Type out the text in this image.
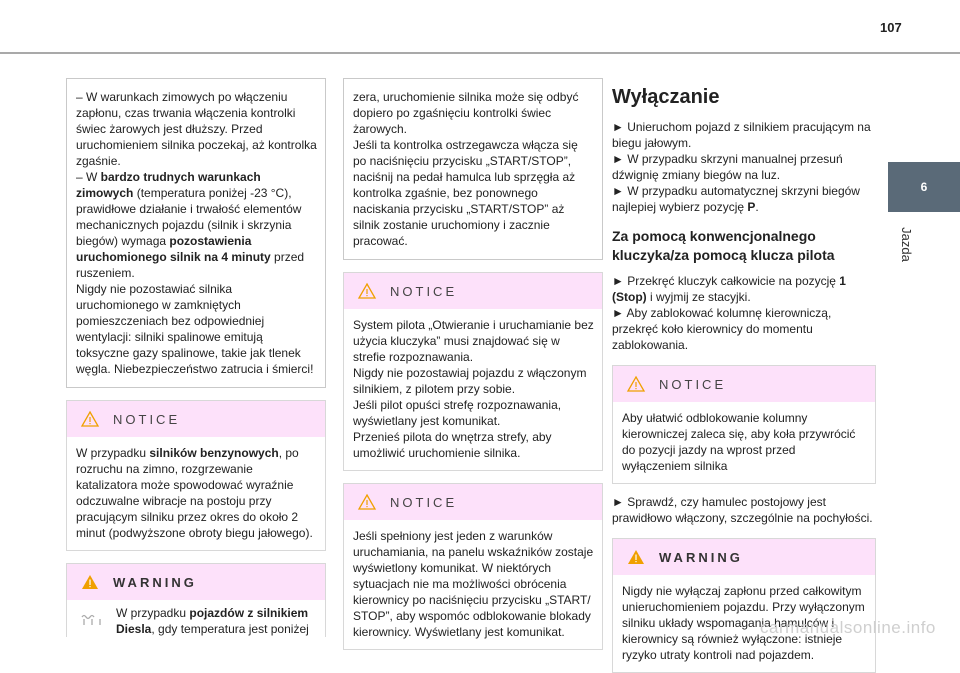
107
6
Jazda

– W warunkach zimowych po włączeniu zapłonu, czas trwania włączenia kontrolki świec żarowych jest dłuższy. Przed uruchomieniem silnika poczekaj, aż kontrolka zgaśnie.

– W bardzo trudnych warunkach zimowych (temperatura poniżej -23 °C), prawidłowe działanie i trwałość elementów mechanicznych pojazdu (silnik i skrzynia biegów) wymaga pozostawienia uruchomionego silnik na 4 minuty przed ruszeniem.

Nigdy nie pozostawiać silnika uruchomionego w zamkniętych pomieszczeniach bez odpowiedniej wentylacji: silniki spalinowe emitują toksyczne gazy spalinowe, takie jak tlenek węgla. Niebezpieczeństwo zatrucia i śmierci!

NOTICE

W przypadku silników benzynowych, po rozruchu na zimno, rozgrzewanie katalizatora może spowodować wyraźnie odczuwalne wibracje na postoju przy pracującym silniku przez okres do około 2 minut (podwyższone obroty biegu jałowego).

WARNING

W przypadku pojazdów z silnikiem Diesla, gdy temperatura jest poniżej

zera, uruchomienie silnika może się odbyć dopiero po zgaśnięciu kontrolki świec żarowych.

Jeśli ta kontrolka ostrzegawcza włącza się po naciśnięciu przycisku „START/STOP”, naciśnij na pedał hamulca lub sprzęgła aż kontrolka zgaśnie, bez ponownego naciskania przycisku „START/STOP” aż silnik zostanie uruchomiony i zacznie pracować.

NOTICE

System pilota „Otwieranie i uruchamianie bez użycia kluczyka” musi znajdować się w strefie rozpoznawania.

Nigdy nie pozostawiaj pojazdu z włączonym silnikiem, z pilotem przy sobie.

Jeśli pilot opuści strefę rozpoznawania, wyświetlany jest komunikat.

Przenieś pilota do wnętrza strefy, aby umożliwić uruchomienie silnika.

NOTICE

Jeśli spełniony jest jeden z warunków uruchamiania, na panelu wskaźników zostaje wyświetlony komunikat. W niektórych sytuacjach nie ma możliwości obrócenia kierownicy po naciśnięciu przycisku „START/ STOP”, aby wspomóc odblokowanie blokady kierownicy. Wyświetlany jest komunikat.

Wyłączanie

► Unieruchom pojazd z silnikiem pracującym na biegu jałowym.

► W przypadku skrzyni manualnej przesuń dźwignię zmiany biegów na luz.

► W przypadku automatycznej skrzyni biegów najlepiej wybierz pozycję P.

Za pomocą konwencjonalnego kluczyka/za pomocą klucza pilota

► Przekręć kluczyk całkowicie na pozycję 1 (Stop) i wyjmij ze stacyjki.

► Aby zablokować kolumnę kierowniczą, przekręć koło kierownicy do momentu zablokowania.

NOTICE

Aby ułatwić odblokowanie kolumny kierowniczej zaleca się, aby koła przywrócić do pozycji jazdy na wprost przed wyłączeniem silnika

► Sprawdź, czy hamulec postojowy jest prawidłowo włączony, szczególnie na pochyłości.

WARNING

Nigdy nie wyłączaj zapłonu przed całkowitym unieruchomieniem pojazdu. Przy wyłączonym silniku układy wspomagania hamulców i kierownicy są również wyłączone: istnieje ryzyko utraty kontroli nad pojazdem.

carmanualsonline.info
